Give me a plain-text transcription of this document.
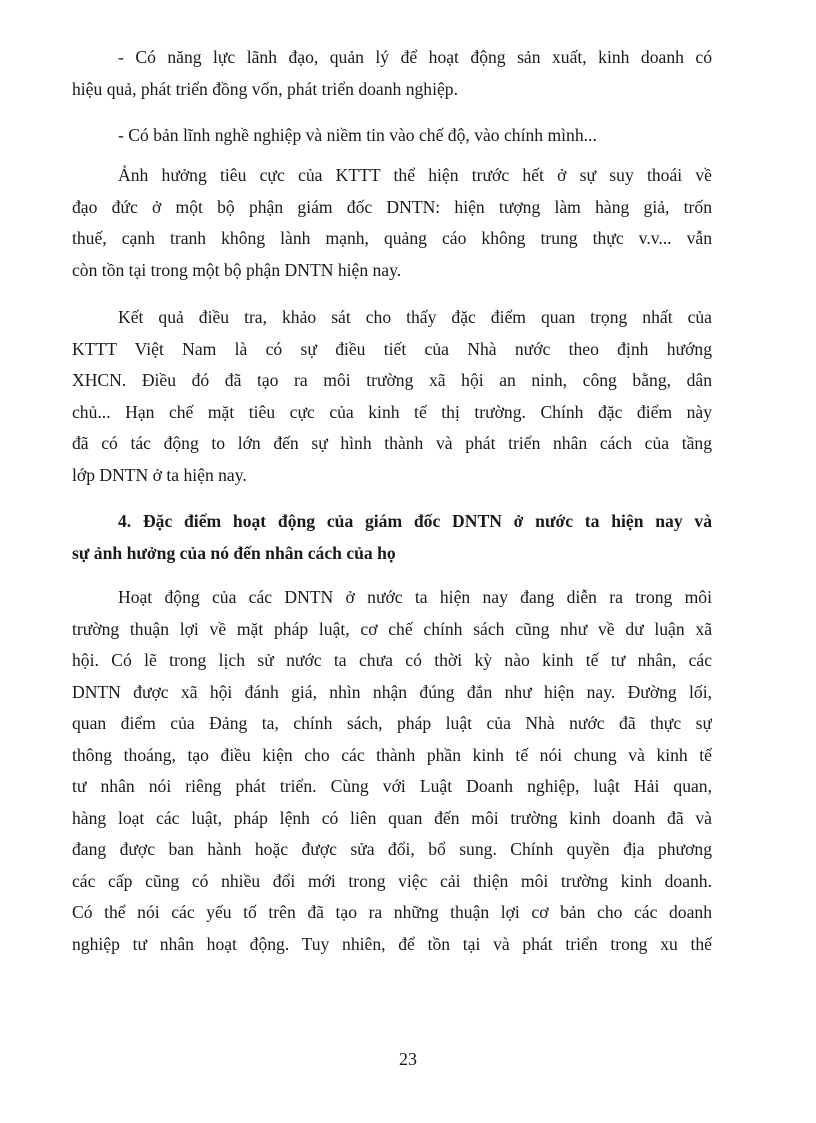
- Có năng lực lãnh đạo, quản lý để hoạt động sản xuất, kinh doanh có
hiệu quả, phát triển đồng vốn, phát triển doanh nghiệp.
- Có bản lĩnh nghề nghiệp và niềm tin vào chế độ, vào chính mình...
Ảnh hưởng tiêu cực của KTTT thể hiện trước hết ở sự suy thoái về
đạo đức ở một bộ phận giám đốc DNTN: hiện tượng làm hàng giả, trốn
thuế, cạnh tranh không lành mạnh, quảng cáo không trung thực v.v... vẫn
còn tồn tại trong một bộ phận DNTN hiện nay.
Kết quả điều tra, khảo sát cho thấy đặc điểm quan trọng nhất của
KTTT Việt Nam là có sự điều tiết của Nhà nước theo định hướng
XHCN. Điều đó đã tạo ra môi trường xã hội an ninh, công bằng, dân
chủ... Hạn chế mặt tiêu cực của kinh tế thị trường. Chính đặc điểm này
đã có tác động to lớn đến sự hình thành và phát triển nhân cách của tầng
lớp DNTN ở ta hiện nay.
4. Đặc điểm hoạt động của giám đốc DNTN ở nước ta hiện nay và
sự ảnh hưởng của nó đến nhân cách của họ
Hoạt động của các DNTN ở nước ta hiện nay đang diễn ra trong môi
trường thuận lợi về mặt pháp luật, cơ chế chính sách cũng như về dư luận xã
hội. Có lẽ trong lịch sử nước ta chưa có thời kỳ nào kinh tế tư nhân, các
DNTN được xã hội đánh giá, nhìn nhận đúng đắn như hiện nay. Đường lối,
quan điểm của Đảng ta, chính sách, pháp luật của Nhà nước đã thực sự
thông thoáng, tạo điều kiện cho các thành phần kinh tế nói chung và kinh tế
tư nhân nói riêng phát triển. Cùng với Luật Doanh nghiệp, luật Hải quan,
hàng loạt các luật, pháp lệnh có liên quan đến môi trường kinh doanh đã và
đang được ban hành hoặc được sửa đổi, bổ sung. Chính quyền địa phương
các cấp cũng có nhiều đổi mới trong việc cải thiện môi trường kinh doanh.
Có thể nói các yếu tố trên đã tạo ra những thuận lợi cơ bản cho các doanh
nghiệp tư nhân hoạt động. Tuy nhiên, để tồn tại và phát triển trong xu thế
23
